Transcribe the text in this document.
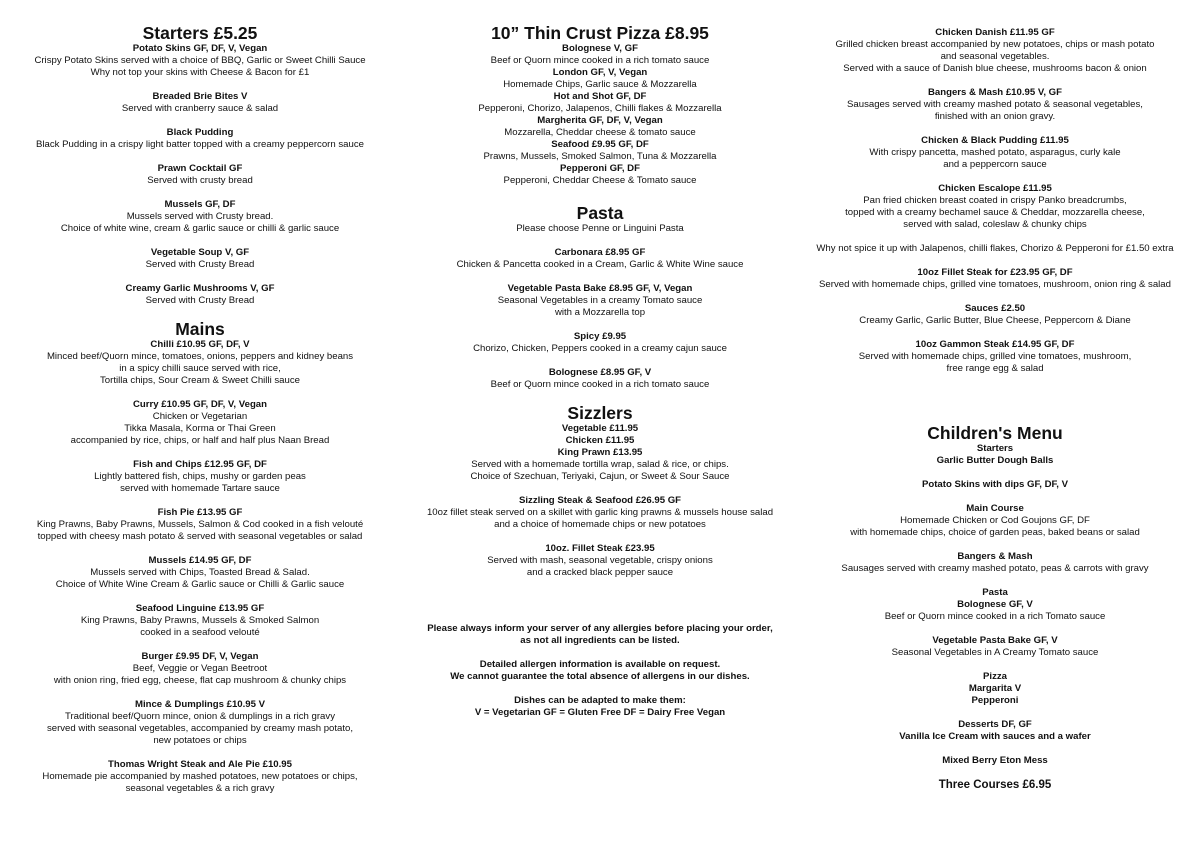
Starters £5.25
Potato Skins GF, DF, V, Vegan
Crispy Potato Skins served with a choice of BBQ, Garlic or Sweet Chilli Sauce
Why not top your skins with Cheese & Bacon for £1
Breaded Brie Bites V
Served with cranberry sauce & salad
Black Pudding
Black Pudding in a crispy light batter topped with a creamy peppercorn sauce
Prawn Cocktail GF
Served with crusty bread
Mussels GF, DF
Mussels served with Crusty bread.
Choice of white wine, cream & garlic sauce or chilli & garlic sauce
Vegetable Soup V, GF
Served with Crusty Bread
Creamy Garlic Mushrooms V, GF
Served with Crusty Bread
Mains
Chilli £10.95 GF, DF, V
Minced beef/Quorn mince, tomatoes, onions, peppers and kidney beans
in a spicy chilli sauce served with rice,
Tortilla chips, Sour Cream & Sweet Chilli sauce
Curry £10.95 GF, DF, V, Vegan
Chicken or Vegetarian
Tikka Masala, Korma or Thai Green
accompanied by rice, chips, or half and half plus Naan Bread
Fish and Chips £12.95 GF, DF
Lightly battered fish, chips, mushy or garden peas
served with homemade Tartare sauce
Fish Pie £13.95 GF
King Prawns, Baby Prawns, Mussels, Salmon & Cod cooked in a fish velouté
topped with cheesy mash potato & served with seasonal vegetables or salad
Mussels £14.95 GF, DF
Mussels served with Chips, Toasted Bread & Salad.
Choice of White Wine Cream & Garlic sauce or Chilli & Garlic sauce
Seafood Linguine £13.95 GF
King Prawns, Baby Prawns, Mussels & Smoked Salmon
cooked in a seafood velouté
Burger £9.95 DF, V, Vegan
Beef, Veggie or Vegan Beetroot
with onion ring, fried egg, cheese, flat cap mushroom & chunky chips
Mince & Dumplings £10.95 V
Traditional beef/Quorn mince, onion & dumplings in a rich gravy
served with seasonal vegetables, accompanied by creamy mash potato,
new potatoes or chips
Thomas Wright Steak and Ale Pie £10.95
Homemade pie accompanied by mashed potatoes, new potatoes or chips,
seasonal vegetables & a rich gravy
10” Thin Crust Pizza £8.95
Bolognese V, GF
Beef or Quorn mince cooked in a rich tomato sauce
London GF, V, Vegan
Homemade Chips, Garlic sauce & Mozzarella
Hot and Shot GF, DF
Pepperoni, Chorizo, Jalapenos, Chilli flakes & Mozzarella
Margherita GF, DF, V, Vegan
Mozzarella, Cheddar cheese & tomato sauce
Seafood £9.95 GF, DF
Prawns, Mussels, Smoked Salmon, Tuna & Mozzarella
Pepperoni GF, DF
Pepperoni, Cheddar Cheese & Tomato sauce
Pasta
Please choose Penne or Linguini Pasta
Carbonara £8.95 GF
Chicken & Pancetta cooked in a Cream, Garlic & White Wine sauce
Vegetable Pasta Bake £8.95 GF, V, Vegan
Seasonal Vegetables in a creamy Tomato sauce
with a Mozzarella top
Spicy £9.95
Chorizo, Chicken, Peppers cooked in a creamy cajun sauce
Bolognese £8.95 GF, V
Beef or Quorn mince cooked in a rich tomato sauce
Sizzlers
Vegetable £11.95
Chicken £11.95
King Prawn £13.95
Served with a homemade tortilla wrap, salad & rice, or chips.
Choice of Szechuan, Teriyaki, Cajun, or Sweet & Sour Sauce
Sizzling Steak & Seafood £26.95 GF
10oz fillet steak served on a skillet with garlic king prawns & mussels house salad
and a choice of homemade chips or new potatoes
10oz. Fillet Steak £23.95
Served with mash, seasonal vegetable, crispy onions
and a cracked black pepper sauce
Please always inform your server of any allergies before placing your order,
as not all ingredients can be listed.
Detailed allergen information is available on request.
We cannot guarantee the total absence of allergens in our dishes.
Dishes can be adapted to make them:
V = Vegetarian GF = Gluten Free DF = Dairy Free Vegan
Chicken Danish £11.95 GF
Grilled chicken breast accompanied by new potatoes, chips or mash potato
and seasonal vegetables.
Served with a sauce of Danish blue cheese, mushrooms bacon & onion
Bangers & Mash £10.95 V, GF
Sausages served with creamy mashed potato & seasonal vegetables,
finished with an onion gravy.
Chicken & Black Pudding £11.95
With crispy pancetta, mashed potato, asparagus, curly kale
and a peppercorn sauce
Chicken Escalope £11.95
Pan fried chicken breast coated in crispy Panko breadcrumbs,
topped with a creamy bechamel sauce & Cheddar, mozzarella cheese,
served with salad, coleslaw & chunky chips
Why not spice it up with Jalapenos, chilli flakes, Chorizo & Pepperoni for £1.50 extra
10oz Fillet Steak for £23.95 GF, DF
Served with homemade chips, grilled vine tomatoes, mushroom, onion ring & salad
Sauces £2.50
Creamy Garlic, Garlic Butter, Blue Cheese, Peppercorn & Diane
10oz Gammon Steak £14.95 GF, DF
Served with homemade chips, grilled vine tomatoes, mushroom,
free range egg & salad
Children's Menu
Starters
Garlic Butter Dough Balls
Potato Skins with dips GF, DF, V
Main Course
Homemade Chicken or Cod Goujons GF, DF
with homemade chips, choice of garden peas, baked beans or salad
Bangers & Mash
Sausages served with creamy mashed potato, peas & carrots with gravy
Pasta
Bolognese GF, V
Beef or Quorn mince cooked in a rich Tomato sauce
Vegetable Pasta Bake GF, V
Seasonal Vegetables in A Creamy Tomato sauce
Pizza
Margarita V
Pepperoni
Desserts DF, GF
Vanilla Ice Cream with sauces and a wafer
Mixed Berry Eton Mess
Three Courses £6.95
